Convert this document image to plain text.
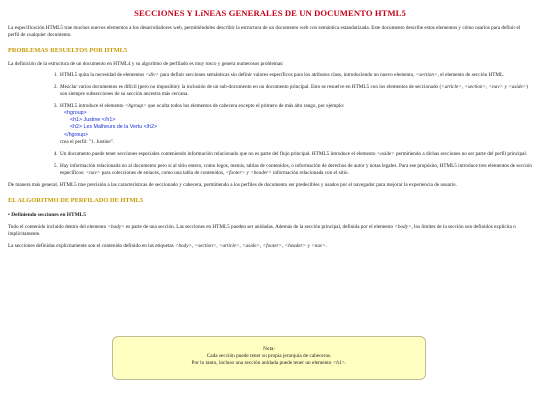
SECCIONES Y LíNEAS GENERALES DE UN DOCUMENTO HTML5

La especificación HTML5 trae muchos nuevos elementos a los desarrolladores web, permitiéndoles describir la estructura de un documento web con semántica estandarizada. Este documento describe estos elementos y cómo usarlos para definir el perfil de cualquier documento.

PROBLEMAS RESUELTOS POR HTML5

La definición de la estructura de un documento en HTML4 y su algoritmo de perfilado es muy tosco y genera numerosos problemas:

1. HTML5 quita la necesidad de elementos <div> para definir secciones semánticas sin definir valores específicos para los atributos class, introduciendo un nuevo elemento, <section>, el elemento de sección HTML.
2. Mezclar varios documentos es difícil (pero no imposible): la inclusión de un sub-documento en un documento principal. Esto se resuelve en HTML5 con los elementos de seccionado (<article>, <section>, <nav> y <aside>) son siempre subsecciones de su sección ancestra más cercana.
3. HTML5 introduce el elemento <hgroup> que oculta todos los elementos de cabecera excepto el primero de más alto rango, por ejemplo:
<hgroup>
<h1> Justine </h1>
<h2> Les Malheurs de la Vertu </h2>
</hgroup>
crea el perfil: "1. Justine".
4. Un documento puede tener secciones especiales conteniendo información relacionado que no es parte del flujo principal. HTML5 introduce el elemento <aside> permitiendo a dichas secciones no ser parte del perfil principal.
5. Hay información relacionada no al documento pero sí al sitio entero, como logos, menús, tablas de contenidos, o información de derechos de autor y notas legales. Para ese propósito, HTML5 introduce tres elementos de sección específicos: <nav> para colecciones de enlaces, como una tabla de contenidos, <footer> y <header> información relacionada con el sitio.

De manera más general, HTML5 trae precisión a las características de seccionado y cabecera, permitiendo a los perfiles de documento ser predecibles y usados por el navegador para mejorar la experiencia de usuario.

EL ALGORITMO DE PERFILADO DE HTML5
• Definiendo secciones en HTML5

Todo el contenido incluido dentro del elemento <body> es parte de una sección. Las secciones en HTML5 pueden ser anidadas. Además de la sección principal, definida por el elemento <body>, los límites de la sección son definidos explícita o implícitamente.

La secciones definidas explícitamente son el contenido definido en las etiquetas <body>, <section>, <article>, <aside>, <footer>, <header> y <nav>.

Nota:
Cada sección puede tener su propia jerarquía de cabeceras.
Por lo tanto, incluso una sección anidada puede tener un elemento <h1>.
